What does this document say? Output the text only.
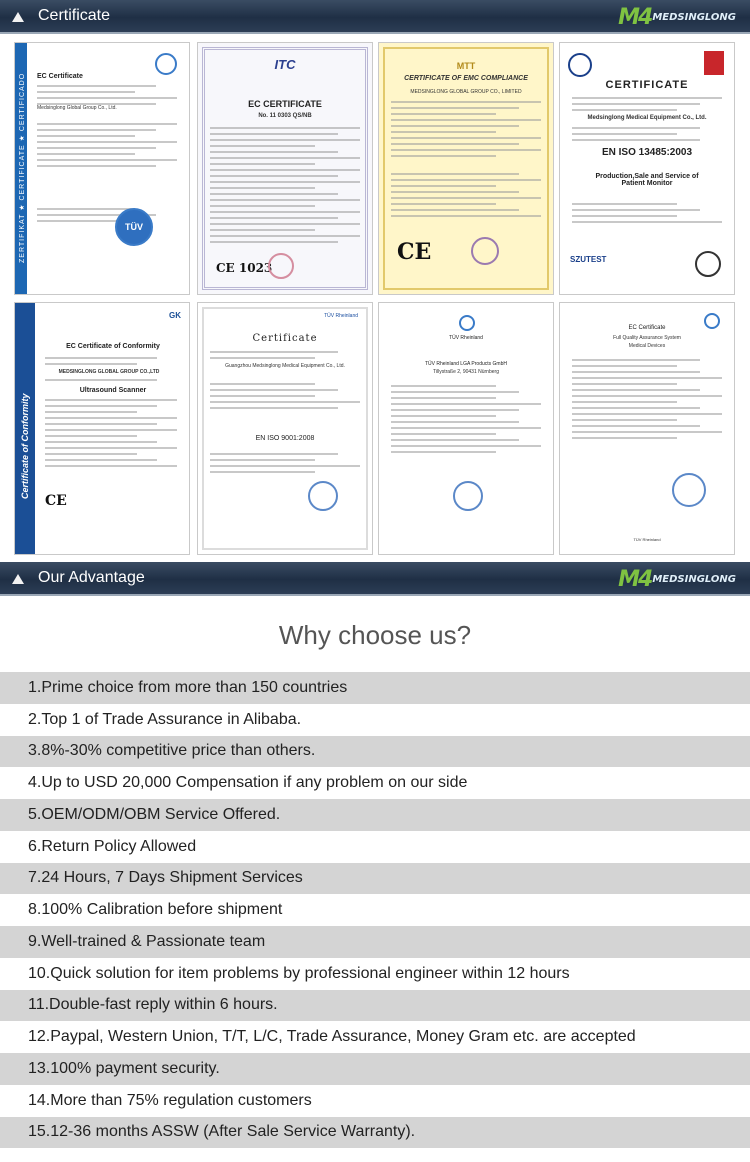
Certificate	M4 MEDSINGLONG
ZERTIFIKAT ★ CERTIFICATE ★ CERTIFICADO EC Certificate
Medsinglong Global Group Co., Ltd.
TÜV
ITC
EC CERTIFICATE
No. 11 0303 QS/NB
CE 1023
MTT
CERTIFICATE OF EMC COMPLIANCE
MEDSINGLONG GLOBAL GROUP CO., LIMITED
CE
CERTIFICATE
Medsinglong Medical Equipment Co., Ltd.
EN ISO 13485:2003
Production,Sale and Service of Patient Monitor
SZUTEST
Certificate of Conformity
GK
EC Certificate of Conformity
MEDSINGLONG GLOBAL GROUP CO.,LTD
Ultrasound Scanner
CE
TÜV Rheinland
Certificate
Guangzhou Medsinglong Medical Equipment Co., Ltd.
EN ISO 9001:2008
TÜV Rheinland
TÜV Rheinland LGA Products GmbH
Tillystraße 2, 90431 Nürnberg
EC Certificate
Full Quality Assurance System
Medical Devices
TÜV Rheinland
Our Advantage	M4 MEDSINGLONG
Why choose us?
1.Prime choice from more than 150 countries
2.Top 1 of Trade Assurance in Alibaba.
3.8%-30% competitive price than others.
4.Up to USD 20,000 Compensation if any problem on our side
5.OEM/ODM/OBM Service Offered.
6.Return Policy Allowed
7.24 Hours, 7 Days Shipment Services
8.100% Calibration before shipment
9.Well-trained & Passionate team
10.Quick solution for item problems by professional engineer within 12 hours
11.Double-fast reply within 6 hours.
12.Paypal, Western Union, T/T, L/C, Trade Assurance, Money Gram etc. are accepted
13.100% payment security.
14.More than 75% regulation customers
15.12-36 months ASSW (After Sale Service Warranty).
